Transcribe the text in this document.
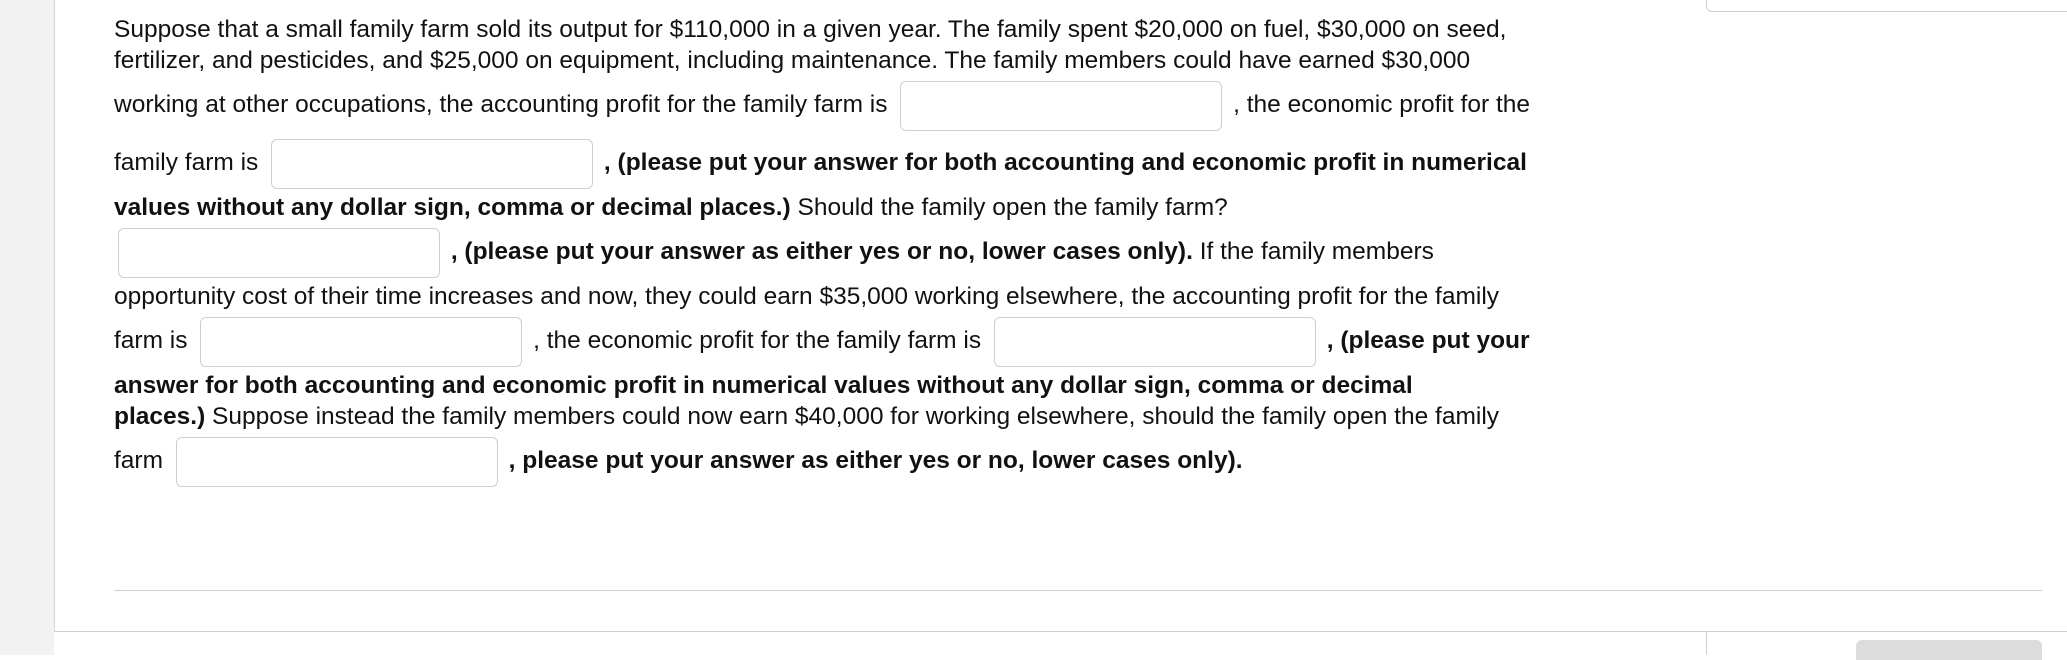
Suppose that a small family farm sold its output for $110,000 in a given year. The family spent $20,000 on fuel, $30,000 on seed,
fertilizer, and pesticides, and $25,000 on equipment, including maintenance. The family members could have earned $30,000
working at other occupations, the accounting profit for the family farm is	, the economic profit for the
family farm is	, (please put your answer for both accounting and economic profit in numerical
values without any dollar sign, comma or decimal places.) Should the family open the family farm?
, (please put your answer as either yes or no, lower cases only). If the family members
opportunity cost of their time increases and now, they could earn $35,000 working elsewhere, the accounting profit for the family
farm is	, the economic profit for the family farm is	, (please put your
answer for both accounting and economic profit in numerical values without any dollar sign, comma or decimal
places.) Suppose instead the family members could now earn $40,000 for working elsewhere, should the family open the family
farm	, please put your answer as either yes or no, lower cases only).
